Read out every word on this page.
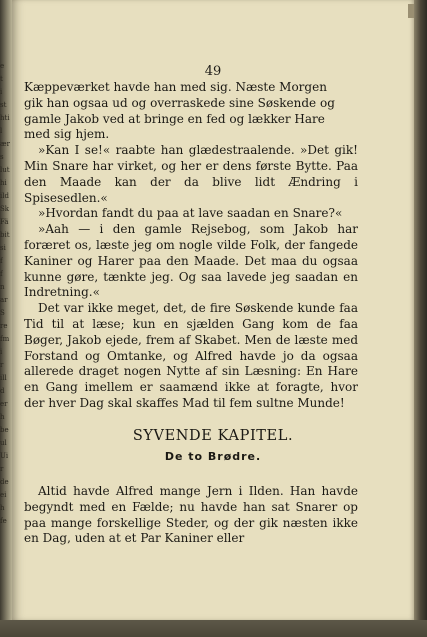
e
t
i
st
hti
l
ær
s
lut
hi
ild
Sk
Fä
bit
si
f
f
n
ar
S
re
fm
i
r
ill
d
er
h
be
ul
Ui
r
de
ei
h
fe
49

Kæppeværket havde han med sig. Næste Morgen

gik han ogsaa ud og overraskede sine Søskende og

gamle Jakob ved at bringe en fed og lækker Hare

med sig hjem.

»Kan I se!« raabte han glædestraalende. »Det gik! Min Snare har virket, og her er dens første Bytte. Paa den Maade kan der da blive lidt Ændring i Spisesedlen.«

»Hvordan fandt du paa at lave saadan en Snare?«

»Aah — i den gamle Rejsebog, som Jakob har foræret os, læste jeg om nogle vilde Folk, der fangede Kaniner og Harer paa den Maade. Det maa du ogsaa kunne gøre, tænkte jeg. Og saa lavede jeg saadan en Indretning.«

Det var ikke meget, det, de fire Søskende kunde faa Tid til at læse; kun en sjælden Gang kom de faa Bøger, Jakob ejede, frem af Skabet. Men de læste med Forstand og Omtanke, og Alfred havde jo da ogsaa allerede draget nogen Nytte af sin Læsning: En Hare en Gang imellem er saamænd ikke at foragte, hvor der hver Dag skal skaffes Mad til fem sultne Munde!

SYVENDE KAPITEL.
De to Brødre.

Altid havde Alfred mange Jern i Ilden. Han havde begyndt med en Fælde; nu havde han sat Snarer op paa mange forskellige Steder, og der gik næsten ikke en Dag, uden at et Par Kaniner eller
